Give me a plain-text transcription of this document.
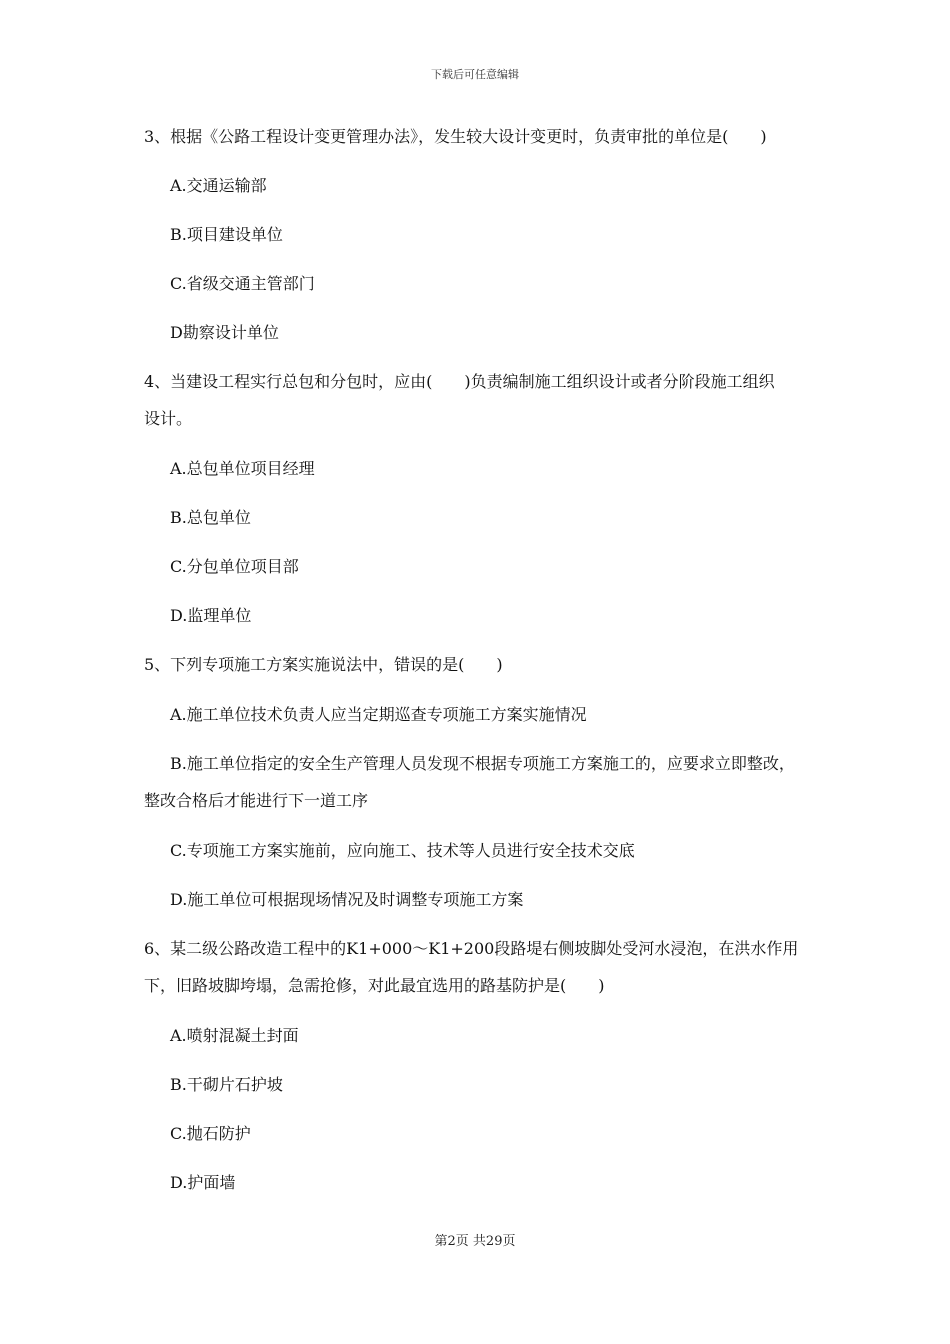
下载后可任意编辑
3、根据《公路工程设计变更管理办法》，发生较大设计变更时，负责审批的单位是(　　)
A.交通运输部
B.项目建设单位
C.省级交通主管部门
D勘察设计单位
4、当建设工程实行总包和分包时，应由(　　)负责编制施工组织设计或者分阶段施工组织
设计。
A.总包单位项目经理
B.总包单位
C.分包单位项目部
D.监理单位
5、下列专项施工方案实施说法中，错误的是(　　)
A.施工单位技术负责人应当定期巡查专项施工方案实施情况
B.施工单位指定的安全生产管理人员发现不根据专项施工方案施工的，应要求立即整改，
整改合格后才能进行下一道工序
C.专项施工方案实施前，应向施工、技术等人员进行安全技术交底
D.施工单位可根据现场情况及时调整专项施工方案
6、某二级公路改造工程中的K1+000～K1+200段路堤右侧坡脚处受河水浸泡，在洪水作用
下，旧路坡脚垮塌，急需抢修，对此最宜选用的路基防护是(　　)
A.喷射混凝土封面
B.干砌片石护坡
C.抛石防护
D.护面墙
第2页 共29页
